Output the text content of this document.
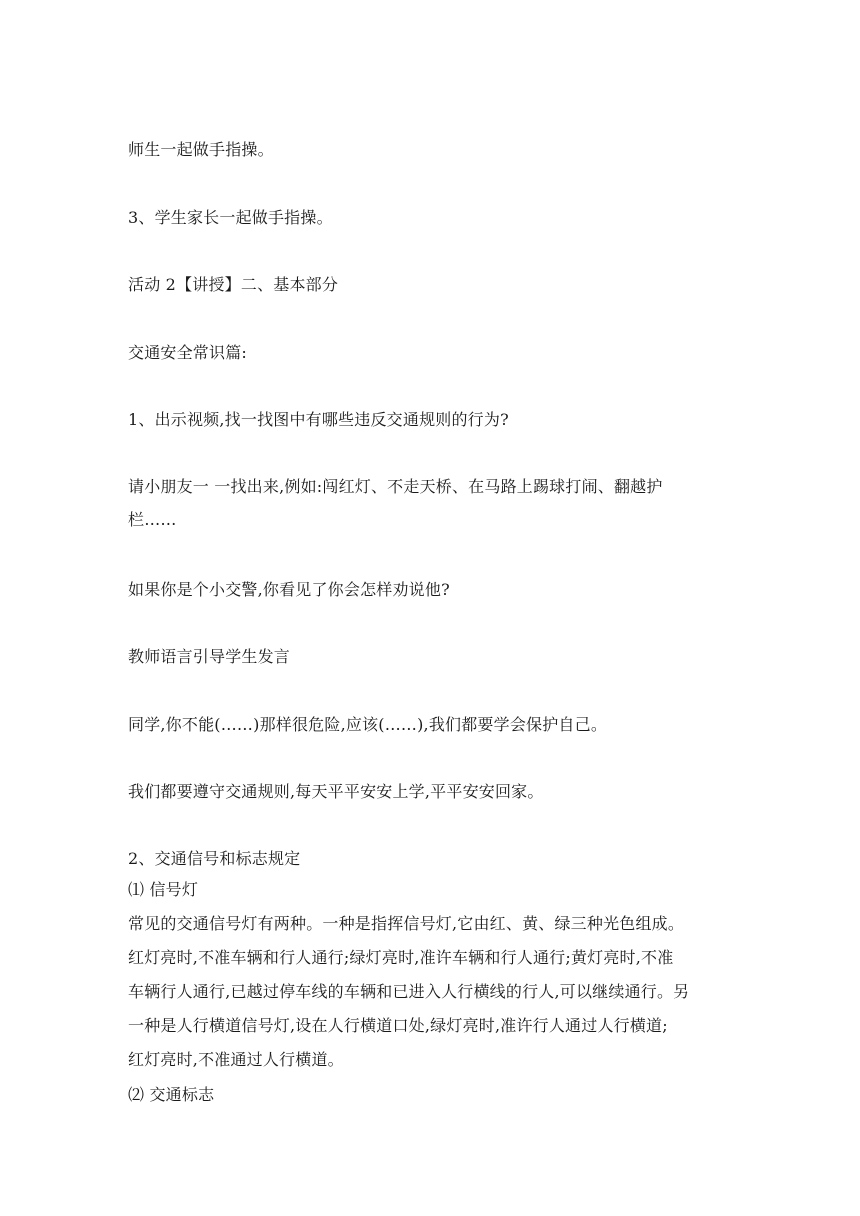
师生一起做手指操。
3、学生家长一起做手指操。
活动 2【讲授】二、基本部分
交通安全常识篇:
1、出示视频,找一找图中有哪些违反交通规则的行为?
请小朋友一 一找出来,例如:闯红灯、不走天桥、在马路上踢球打闹、翻越护
栏……
如果你是个小交警,你看见了你会怎样劝说他?
教师语言引导学生发言
同学,你不能(……)那样很危险,应该(……),我们都要学会保护自己。
我们都要遵守交通规则,每天平平安安上学,平平安安回家。
2、交通信号和标志规定
⑴ 信号灯
常见的交通信号灯有两种。一种是指挥信号灯,它由红、黄、绿三种光色组成。
红灯亮时,不准车辆和行人通行;绿灯亮时,准许车辆和行人通行;黄灯亮时,不准
车辆行人通行,已越过停车线的车辆和已进入人行横线的行人,可以继续通行。另
一种是人行横道信号灯,设在人行横道口处,绿灯亮时,准许行人通过人行横道;
红灯亮时,不准通过人行横道。
⑵ 交通标志
